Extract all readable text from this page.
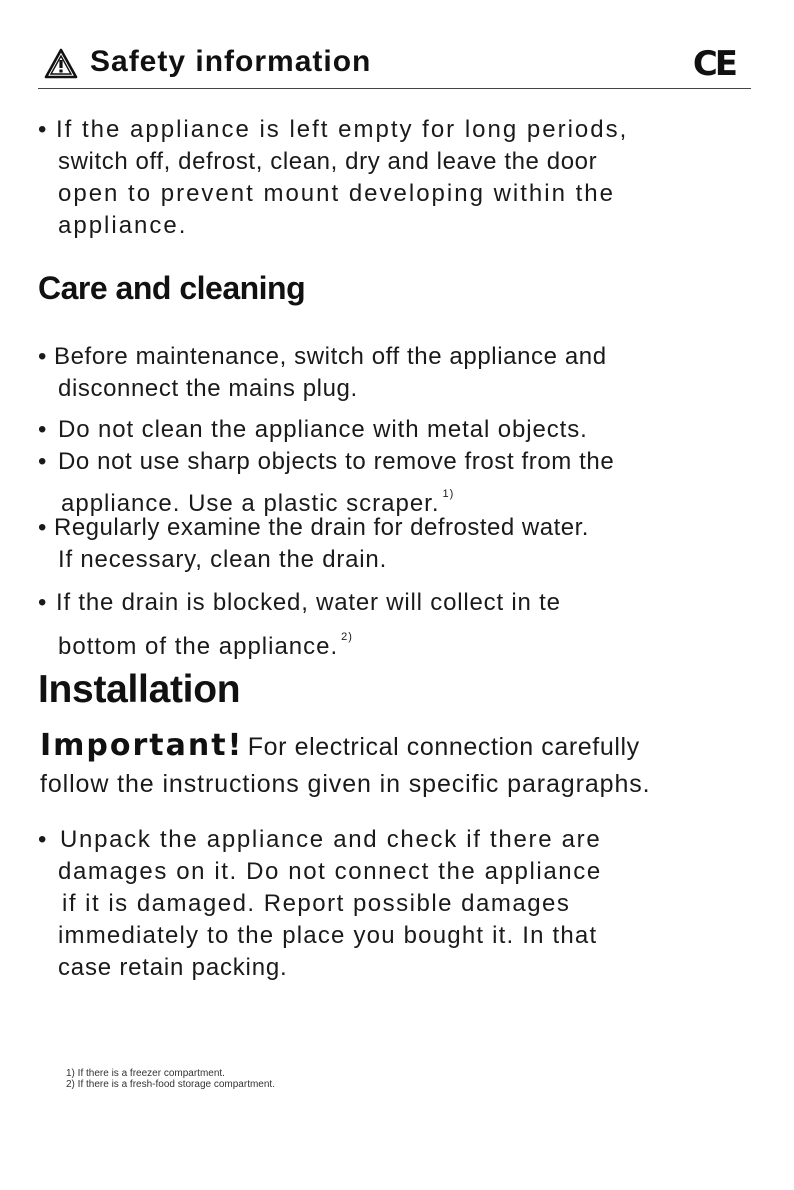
Safety information	CE
• If the appliance is left empty for long periods,
switch off, defrost, clean, dry and leave the door
open to prevent mount developing within the
appliance.
Care and cleaning
• Before maintenance, switch off the appliance and
disconnect the mains plug.
• Do not clean the appliance with metal objects.
• Do not use sharp objects to remove frost from the
appliance. Use a plastic scraper. $^{1)}$
• Regularly examine the drain for defrosted water.
If necessary, clean the drain.
• If the drain is blocked, water will collect in te
bottom of the appliance. $^{2)}$
Installation
Important! For electrical connection carefully
follow the instructions given in specific paragraphs.
• Unpack the appliance and check if there are
damages on it. Do not connect the appliance
if it is damaged. Report possible damages
immediately to the place you bought it. In that
case retain packing.
1) If there is a freezer compartment.
2) If there is a fresh-food storage compartment.
